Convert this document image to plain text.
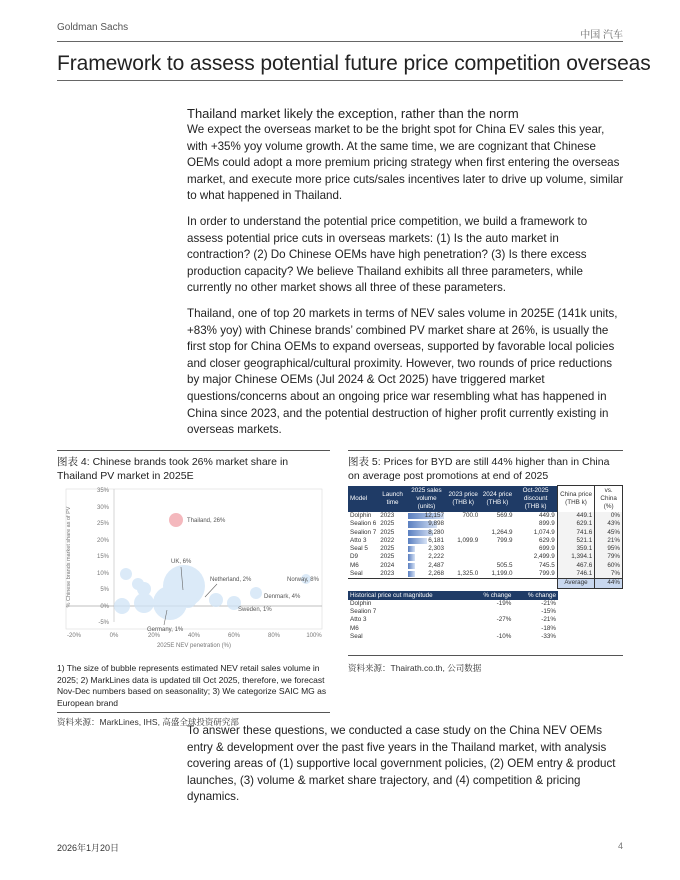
Goldman Sachs
中国 汽车
Framework to assess potential future price competition overseas

Thailand market likely the exception, rather than the norm

We expect the overseas market to be the bright spot for China EV sales this year, with +35% yoy volume growth. At the same time, we are cognizant that Chinese OEMs could adopt a more premium pricing strategy when first entering the overseas market, and execute more price cuts/sales incentives later to drive up volume, similar to what happened in Thailand.

In order to understand the potential price competition, we build a framework to assess potential price cuts in overseas markets: (1) Is the auto market in contraction? (2) Do Chinese OEMs have high penetration? (3) Is there excess production capacity? We believe Thailand exhibits all three parameters, while currently no other market shows all three of these parameters.

Thailand, one of top 20 markets in terms of NEV sales volume in 2025E (141k units, +83% yoy) with Chinese brands’ combined PV market share at 26%, is usually the first stop for China OEMs to expand overseas, supported by favorable local policies and closer geographical/cultural proximity. However, two rounds of price reductions by major Chinese OEMs (Jul 2024 & Oct 2025) have triggered market questions/concerns about an ongoing price war resembling what has happened in China since 2023, and the potential destruction of higher profit currently existing in overseas markets.

图表 4: Chinese brands took 26% market share in Thailand PV market in 2025E
35%
30%
25%
20%
15%
10%
5%
0%
-5%
-20%	0%	20%	40%	60%	80%	100%
2025E NEV penetration (%)
% Chinese brands market share as of PV	Thailand, 26%
UK, 6%
Germany, 1%
Netherland, 2%
Denmark, 4%
Sweden, 1%
Norway, 8%
1) The size of bubble represents estimated NEV retail sales volume in 2025; 2) MarkLines data is updated till Oct 2025, therefore, we forecast Nov-Dec numbers based on seasonality; 3) We categorize SAIC MG as European brand
资料来源：MarkLines, IHS, 高盛全球投资研究部
图表 5: Prices for BYD are still 44% higher than in China on average post promotions at end of 2025
Model	Launch time	2025 sales volume (units)	2023 price (THB k)	2024 price (THB k)	Oct-2025 discount (THB k)	China price (THB k)	vs. China (%)
Dolphin	2023	12,157	700.0	569.9	449.9	449.1	0%
Sealion 6	2025	9,898			899.9	629.1	43%
Sealion 7	2025	8,280		1,264.9	1,074.9	741.6	45%
Atto 3	2022	6,181	1,099.9	799.9	629.9	521.1	21%
Seal 5	2025	2,303			699.9	359.1	95%
D9	2025	2,222			2,499.9	1,394.1	79%
M6	2024	2,487		505.5	745.5	467.6	60%
Seal	2023	2,268	1,325.0	1,199.0	799.9	746.1	7%
						Average	44%
Historical price cut magnitude	% change	% change
Dolphin	-19%	-21%
Sealion 7		-15%
Atto 3	-27%	-21%
M6		-18%
Seal	-10%	-33%
资料来源：Thairath.co.th, 公司数据

To answer these questions, we conducted a case study on the China NEV OEMs entry & development over the past five years in the Thailand market, with analysis covering areas of (1) supportive local government policies, (2) OEM entry & product launches, (3) volume & market share trajectory, and (4) competition & pricing dynamics.

2026年1月20日	4
